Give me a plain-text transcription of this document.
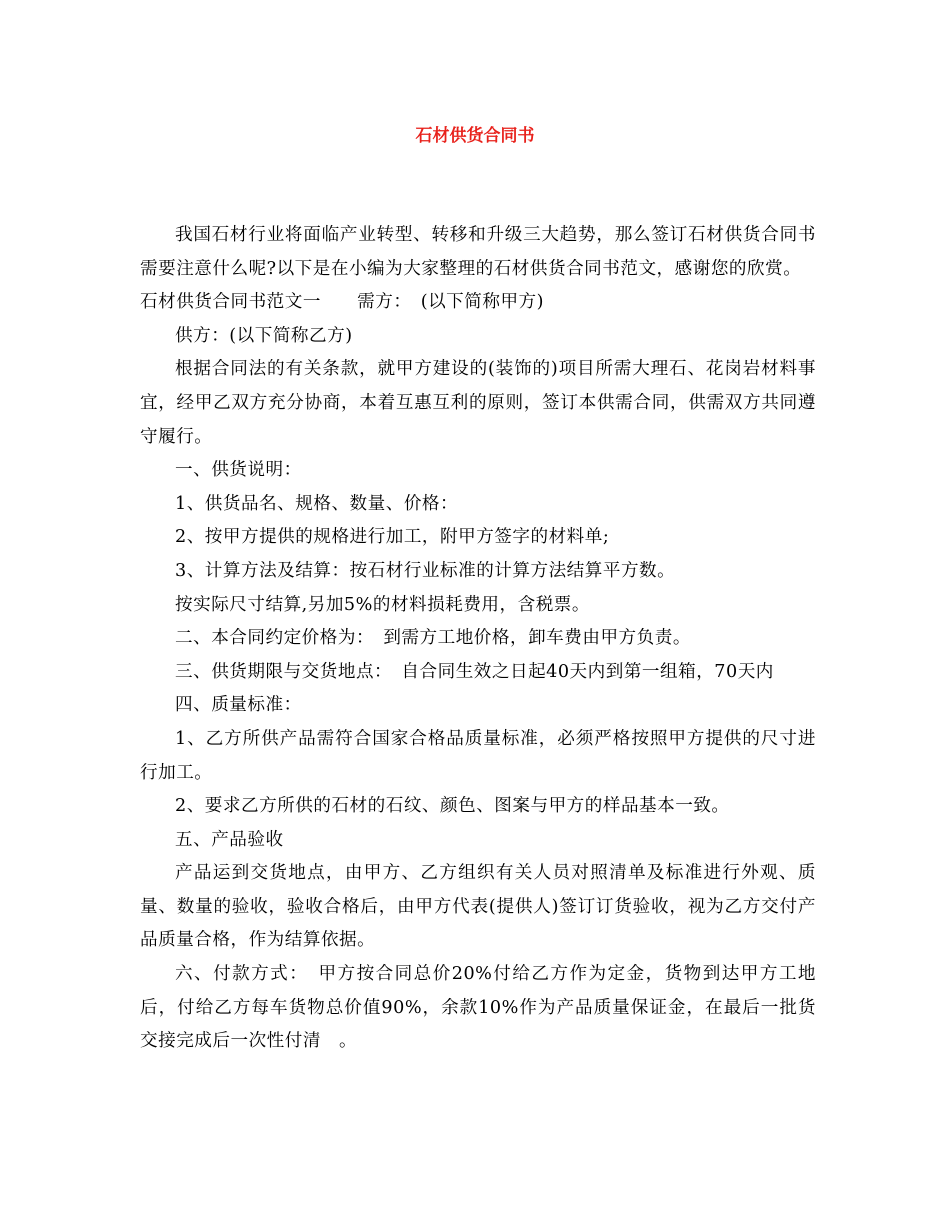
石材供货合同书

我国石材行业将面临产业转型、转移和升级三大趋势，那么签订石材供货合同书需要注意什么呢?以下是在小编为大家整理的石材供货合同书范文，感谢您的欣赏。

石材供货合同书范文一　　需方：　(以下简称甲方)

供方：(以下简称乙方)

根据合同法的有关条款，就甲方建设的(装饰的)项目所需大理石、花岗岩材料事宜，经甲乙双方充分协商，本着互惠互利的原则，签订本供需合同，供需双方共同遵守履行。

一、供货说明：

1、供货品名、规格、数量、价格：

2、按甲方提供的规格进行加工，附甲方签字的材料单;

3、计算方法及结算：按石材行业标准的计算方法结算平方数。

按实际尺寸结算,另加5%的材料损耗费用，含税票。

二、本合同约定价格为：　到需方工地价格，卸车费由甲方负责。

三、供货期限与交货地点：　自合同生效之日起40天内到第一组箱，70天内

四、质量标准：

1、乙方所供产品需符合国家合格品质量标准，必须严格按照甲方提供的尺寸进行加工。

2、要求乙方所供的石材的石纹、颜色、图案与甲方的样品基本一致。

五、产品验收

产品运到交货地点，由甲方、乙方组织有关人员对照清单及标准进行外观、质量、数量的验收，验收合格后，由甲方代表(提供人)签订订货验收，视为乙方交付产品质量合格，作为结算依据。

六、付款方式：　甲方按合同总价20%付给乙方作为定金，货物到达甲方工地后，付给乙方每车货物总价值90%，余款10%作为产品质量保证金，在最后一批货交接完成后一次性付清　。
